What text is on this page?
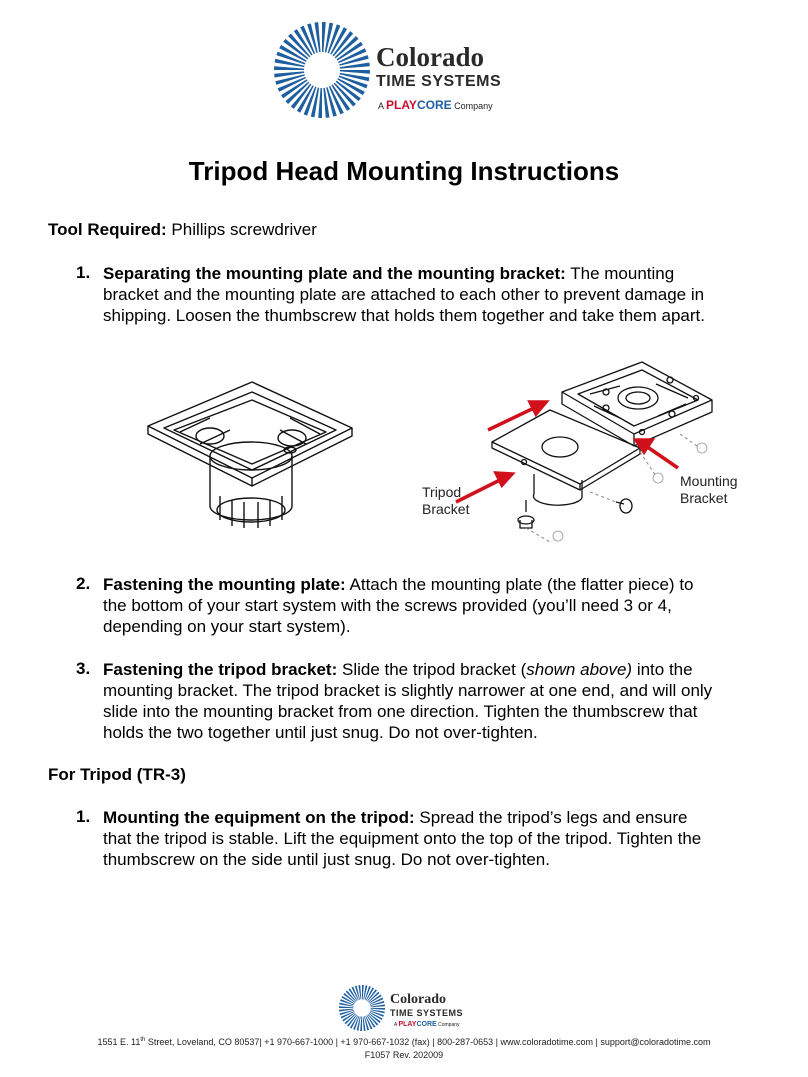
Colorado
TIME SYSTEMS
A PLAYCORE Company
Tripod Head Mounting Instructions
Tool Required: Phillips screwdriver
1. Separating the mounting plate and the mounting bracket: The mounting
bracket and the mounting plate are attached to each other to prevent damage in
shipping. Loosen the thumbscrew that holds them together and take them apart.
Tripod
Bracket
Mounting
Bracket
2. Fastening the mounting plate: Attach the mounting plate (the flatter piece) to
the bottom of your start system with the screws provided (you’ll need 3 or 4,
depending on your start system).
3. Fastening the tripod bracket: Slide the tripod bracket (shown above) into the
mounting bracket. The tripod bracket is slightly narrower at one end, and will only
slide into the mounting bracket from one direction. Tighten the thumbscrew that
holds the two together until just snug. Do not over-tighten.
For Tripod (TR-3)
1. Mounting the equipment on the tripod: Spread the tripod’s legs and ensure
that the tripod is stable. Lift the equipment onto the top of the tripod. Tighten the
thumbscrew on the side until just snug. Do not over-tighten.
Colorado
TIME SYSTEMS
A PLAYCORE Company
1551 E. 11th Street, Loveland, CO 80537| +1 970-667-1000 | +1 970-667-1032 (fax) | 800-287-0653 | www.coloradotime.com | support@coloradotime.com
F1057 Rev. 202009
